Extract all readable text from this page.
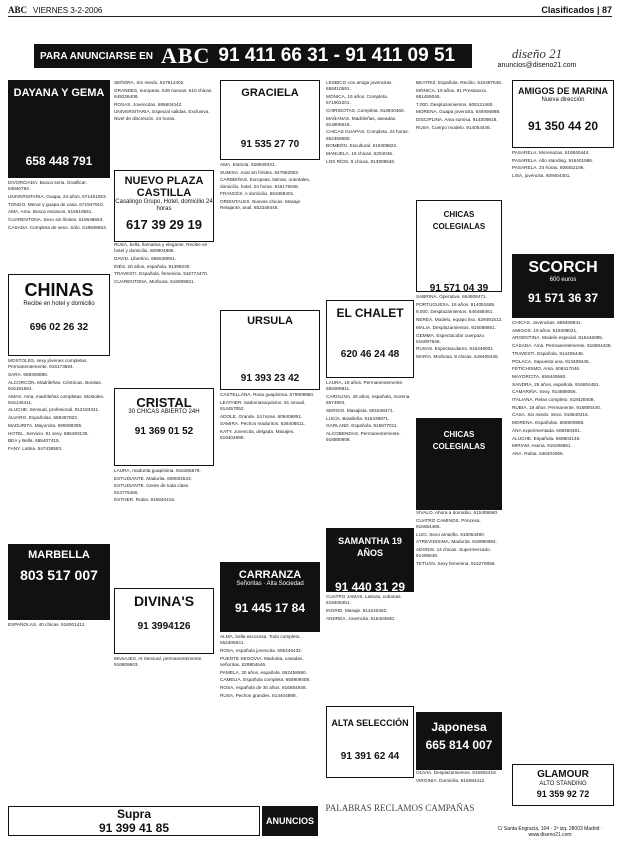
ABC VIERNES 3-2-2006	Clasificados | 87
PARA ANUNCIARSE EN ABC 91 411 66 31 - 91 411 09 51	diseño 21
anuncios@diseno21.com
DAYANA Y GEMA
658 448 791

DIVORCIADA. Busca seria. Gratificar. 63840784.

UNIVERSITARIA. Guapa, 24 años, 671451063.

TONGO. Menor y guapa de casa. 671947910.

AMA. Ama. Busca esclavos. 616610551.

CUARENTONA. Sexo sin límites. 618648663.

CASADA. Completa de sexo. Sólo. 618848663.

CHINAS
Recibe en hotel y domicilio
696 02 26 32

MOSTOLES, sexy jóvenes completas. Permanentemente. 916173694.

SARA. 659409896.

ALCORCÓN. Madrileñas. Céntricas. Bonitas. 916191681.

AMAS. Ama, madrileñas completas. Mostoles. 916145411.

ALUCHE. Sensual, profesional. 912183341.

ÁLVARO. Españolas. 659467823.

MADURITA. Mayorcita. 699098395.

HOTEL. Servicio. 91 sexy. 696493135.

BEA y Bella. 685407415.

FANY. Latina. 647438583.

MARBELLA
803 517 007

ESPAÑOLAS. 40 chicas. 916001412.

SEÑORA. Sin miedo. 627914402.

GRANDES, europeas. 649 nuevas. 610 chicas. 649226408.

ROSAS. Jovencitas. 686604442.

UNIVERSITARIA. Especial salidas. Exclusiva. Nivel de discreción. 24 horas.

NUEVO PLAZA CASTILLA
Casalingo Grupo, Hotel, domicilio 24 horas
617 39 29 19

RUSA, bella, llamativa y elegante. Recibe en hotel y domicilio. 609904886.

DAVID. Libertino. 666538091.

INÉS. 20 años, española. 91399230.

TRAVESTI. Española, femenina. 916774470.

CUARENTONA. Morbosa. 616909821.

CRISTAL
30 CHICAS ABIERTO 24H
91 369 01 52

LAURA, madurita guapísima. 916265578.

ESTUDIANTE. Madurita. 609004543.

ESTUDIANTE. Gente de toda clase. 913775466.

ESTHER. Rubia. 916840415.

DIVINA'S
91 3994126

MASAJES. Al Sensual, permanentemente. 916809603.

GRACIELA
91 535 27 70

AMA. Estricta. 628849331.

SUMISA. Anal sin límites. 647882903.

CARIBEÑAS. Europeas, latinas, orientales, domicilio, hotel, 24 horas. 916175046.

FRANCÉS. A domicilio. 663458401.

ORIENTALES. Nuevas chicas. Masaje. Relajante, anal. 652248446.

URSULA
91 393 23 42

CASTELLANA. Rosa guapísima. 679908960.

LEATHER. Sadomasoquismo. 91 sexual. 914457052.

ADOLE. Grande. 24 horas. 609408851.

SAMIRA. Pechos maduritos. 638408511.

KATY. Jovencita, delgada. Masajes. 619404896.

CARRANZA
Señoritas · Alta Sociedad
91 445 17 84

ALMA, bella escocesa. Todo completo. 652405641.

ROSA, española jovencita. 605446432.

PUENTE SEGOVIA. Madurita, casadas, señoritas. 629904646.

PAMELA. 30 años, española. 652458660.

CAMELIA. Española completa. 655909408.

ROSA, española de 30 años. 916854848.

RUSA. Pechos grandes. 614404888.

LESBICO con amiga jovencitas. 658410591.

MÓNICA, 19 años. Completa. 671902201.

CHIRIGOTAS. Completa. 914840460.

MAÑANAS. Madrileñas, aseadas. 914805616.

CHICAS GUAPAS. Completa. 24 horas. 652459680.

BOMBÓN. Escultural. 619408822.

MANUELA. 19 chicas. 6204046.

LOS RÍOS. 9 chicas, 913908546.

EL CHALET
620 46 24 48

LAURA, 19 años. Permanentemente. 655009811.

CAROLINA. 28 años, española, morena. 6574904.

SERGIO. Masajista. 691848471.

LUCÍA. Brasileña. 916439871.

GARLAND. Española. 915977011.

ALCOBENDAS. Permanentemente. 916880808.

SAMANTHA 19 AÑOS
91 440 31 29

CUATRO JAMAS. Latinas, cubanas. 619408451.

INGRID. Masaje. 914240462.

ANDREA. Jovencita. 916404840.

ALTA SELECCIÓN
91 391 62 44

BEATRIZ. Española. Recibo. 610487545.

MÓNICA, 19 años. 91 Prestaxxxx. 691459046.

7.000. Desplazamientos. 608121460.

MORENA. Guapa jovencita. 649494888.

DISCIPLINA. Ama sumisa. 914009818.

RUSA. Cuerpo modelo. 914054446.

CHICAS COLEGIALAS
91 571 04 39

SABRINA. Operativa. 654908471.

PORTUGUESA. 18 años. 914051685.

8.000. Desplazamientos. 646458461.

NEREA. Modelo, equipo liso. 629491512.

MALIA. Desplazamientos. 916088861.

GEMMA. Espectacular cuerpazo. 616097846.

RUSAS. Espectaculares. 916448001.

MARÍA. Morbosa. 9 chicas. 619408446.

CHICAS COLEGIALAS

VIVALO. Ahora a domicilio. 615408660.

CUATRO CAMINOS. Princesa. 916054465.

LUCI. Sexo amarillo. 918054490.

ATREVIDISIMA. Madurita. 919990984.

ADONIS. 14 chicas. Supermercado. 91406848.

TETUÁN. Sexy femenina. 914279056.

Japonesa
665 814 007

OLIVIA. Desplazamientos. 916902418.

VIRGINIA. Domicilio. 916084412.

AMIGOS DE MARINA
Nueva dirección
91 350 44 20

PASARELA. Morenazas. 618840444.

PASARELA. Alto standing. 916401586.

PASARELA. 24 horas. 608452196.

LISA, jovencita. 609404401.

SCORCH
600 euros
91 571 36 37

CHICAS. Jovencitas. 659408841.

AMIGOS. 19 años. 619408021.

ARGENTINA. Modelo especial. 916446085.

CASADA. Ama. Permanentemente. 916804428.

TRAVESTI. Española. 914405446.

POLACA. Sapuesta una. 913408445.

FETICHISMO. Ama. 608417046.

MAYORCITA. 659440660.

SANDRA, 26 años, española. 916804481.

CAMARIÑA. Sexy. 914885056.

ITALIANA. Relax completo. 618428408.

RUBIA, 18 años. Permanente. 916800440.

CASA. Sin miedo. Sexo. 916840416.

MORENA. Españolas. 659800808.

ANA experimentada. 608460481.

ALUCHE. Española. 659804145.

MIRIAM. Asena. 916206861.

ANA. Rubia. 646404066.

GLAMOUR
ALTO STANDING
91 359 92 72
Supra
91 399 41 85	ANUNCIOS
PALABRAS RECLAMOS CAMPAÑAS
C/ Santa Engracia, 104 · 1ª izq. 28003 Madrid · www.diseno21.com
